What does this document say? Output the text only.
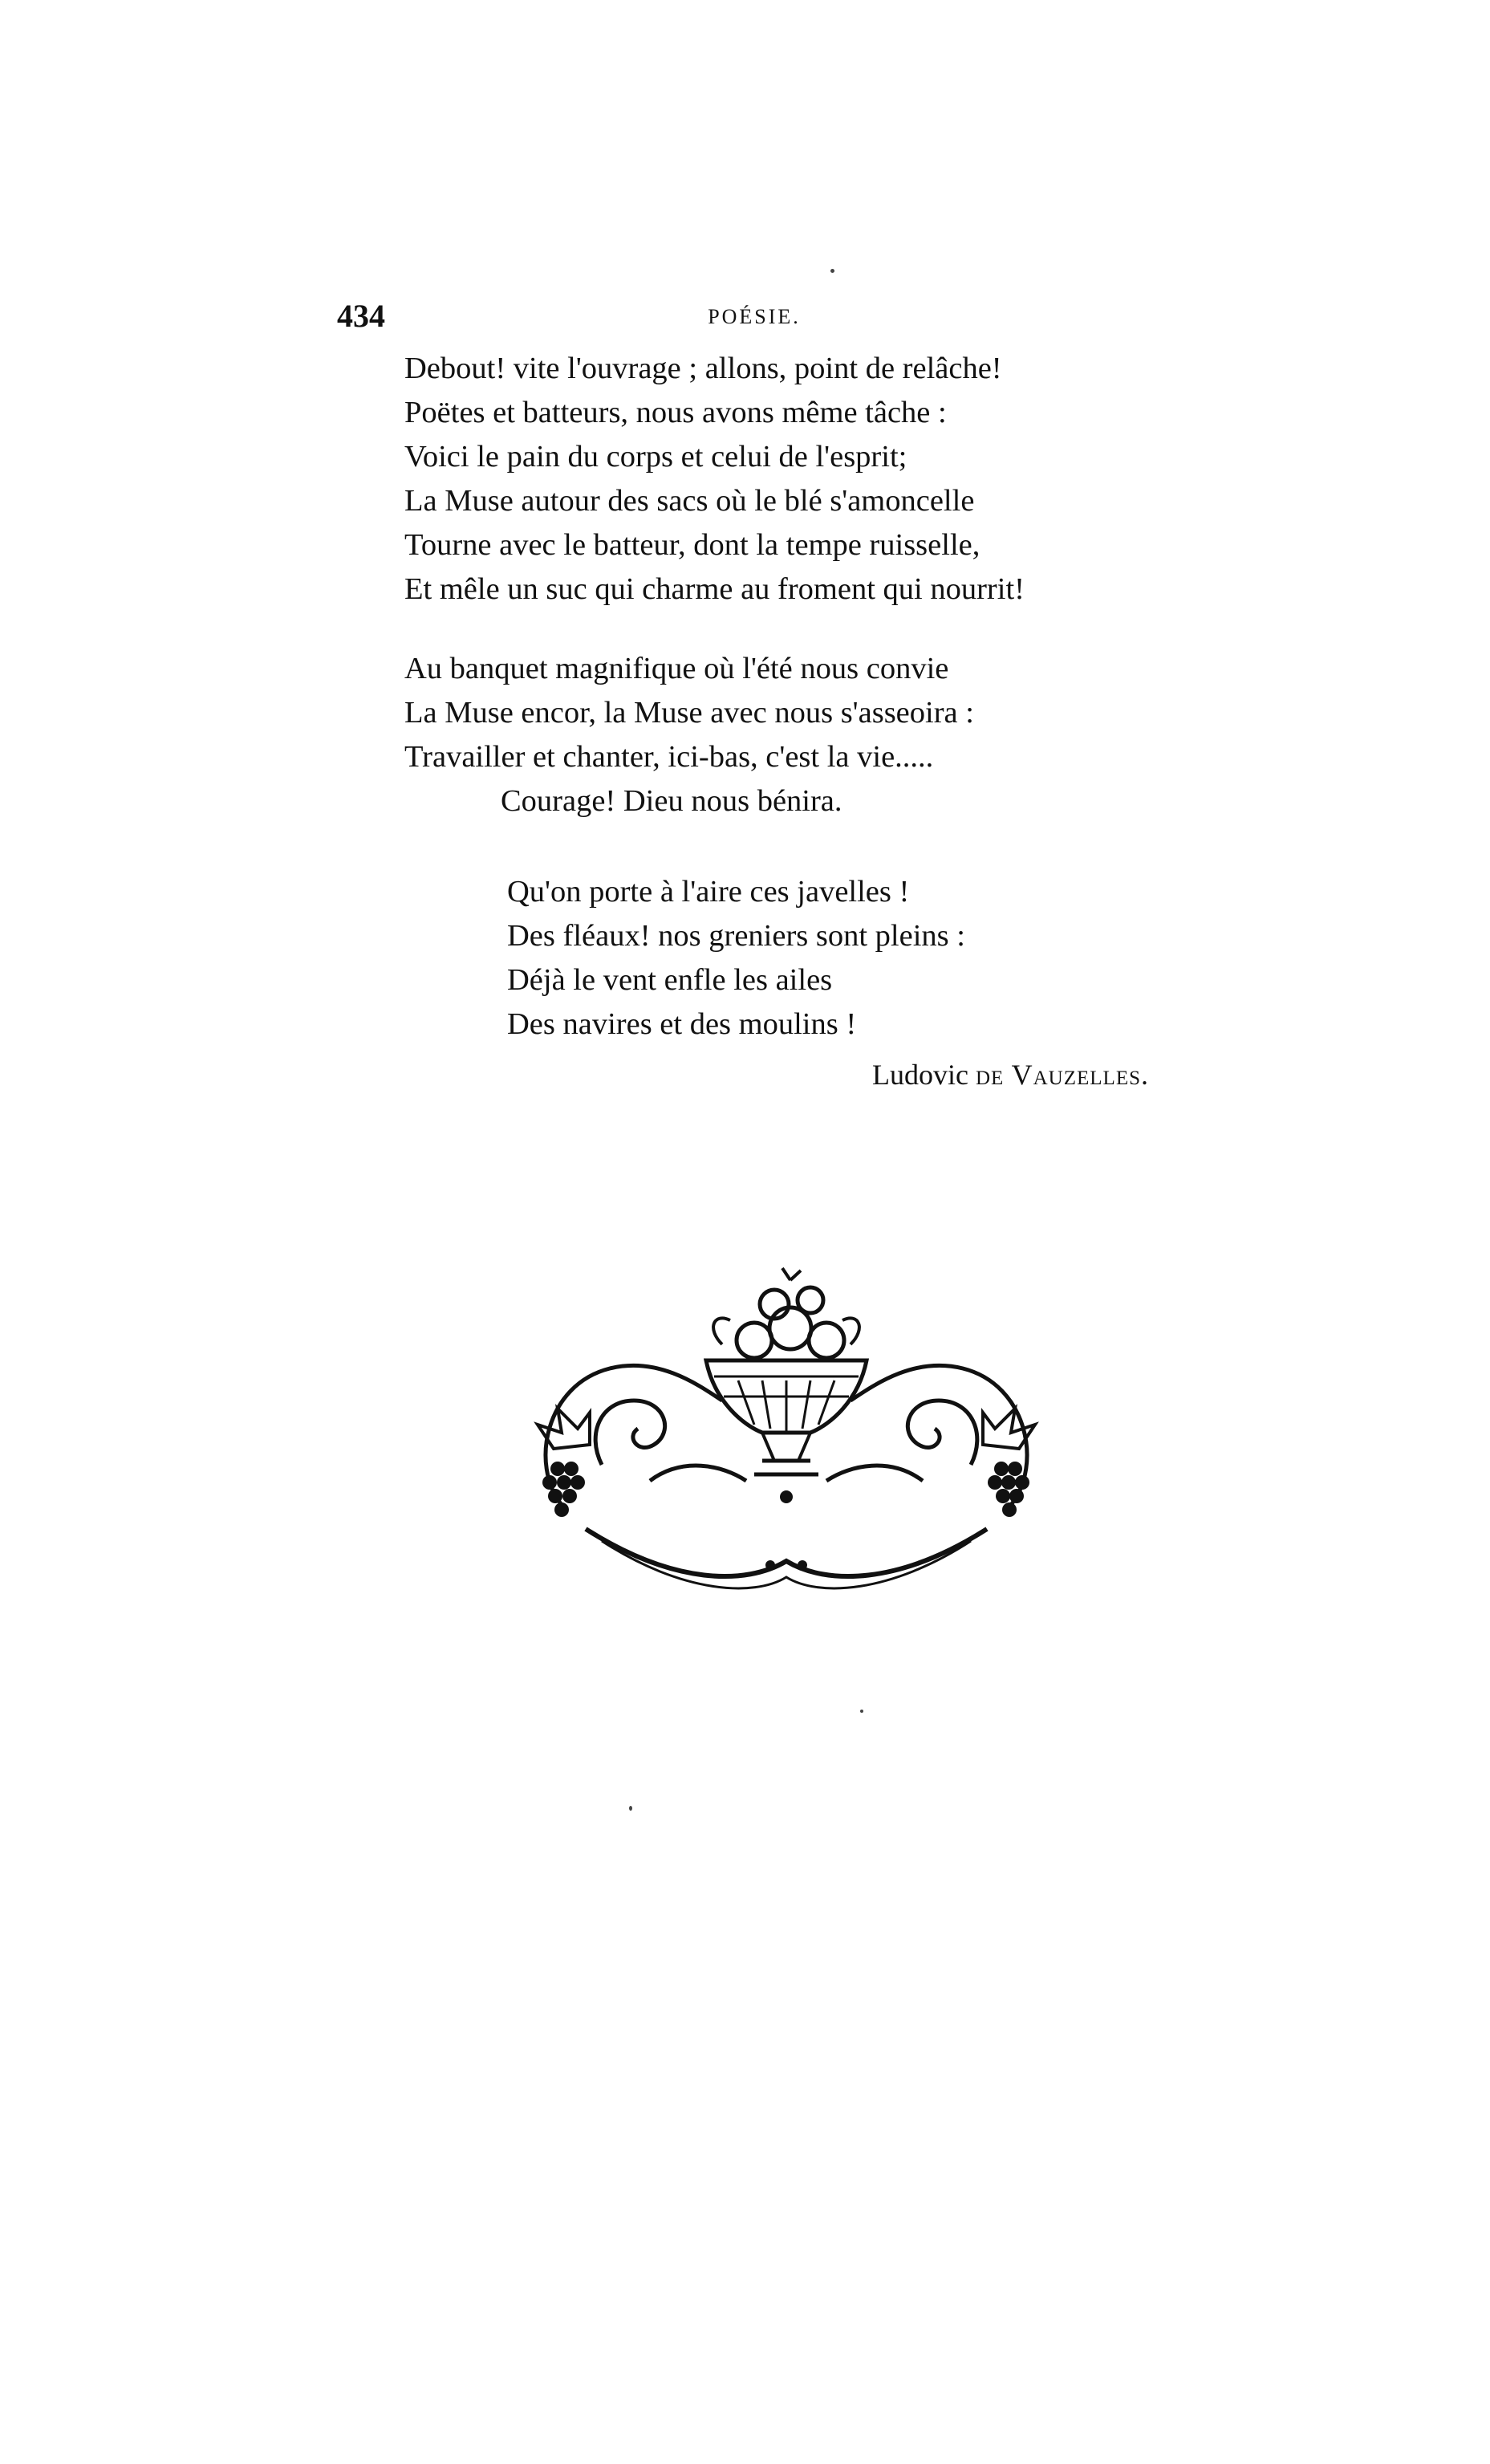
434	POÉSIE.
Debout! vite l'ouvrage ; allons, point de relâche!
Poëtes et batteurs, nous avons même tâche :
Voici le pain du corps et celui de l'esprit;
La Muse autour des sacs où le blé s'amoncelle
Tourne avec le batteur, dont la tempe ruisselle,
Et mêle un suc qui charme au froment qui nourrit!
Au banquet magnifique où l'été nous convie
La Muse encor, la Muse avec nous s'asseoira :
Travailler et chanter, ici-bas, c'est la vie.....
Courage! Dieu nous bénira.
Qu'on porte à l'aire ces javelles !
Des fléaux! nos greniers sont pleins :
Déjà le vent enfle les ailes
Des navires et des moulins !
Ludovic de Vauzelles.
